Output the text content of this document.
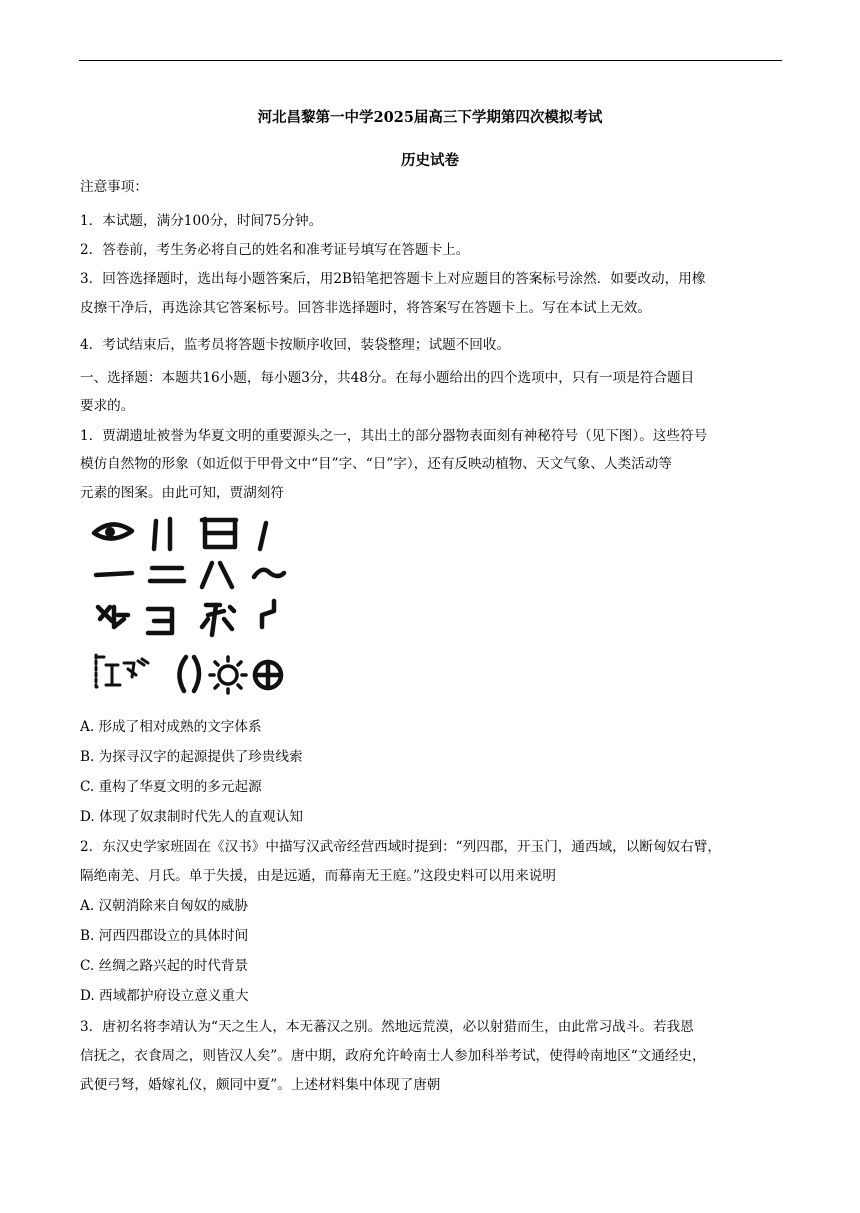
河北昌黎第一中学2025届高三下学期第四次模拟考试
历史试卷
注意事项：
1．本试题，满分100分，时间75分钟。
2．答卷前，考生务必将自己的姓名和准考证号填写在答题卡上。
3．回答选择题时，选出每小题答案后，用2B铅笔把答题卡上对应题目的答案标号涂然．如要改动，用橡
皮擦干净后，再选涂其它答案标号。回答非选择题时，将答案写在答题卡上。写在本试上无效。
4．考试结束后，监考员将答题卡按顺序收回，装袋整理；试题不回收。
一、选择题：本题共16小题，每小题3分，共48分。在每小题给出的四个选项中，只有一项是符合题目
要求的。
1．贾湖遗址被誉为华夏文明的重要源头之一，其出土的部分器物表面刻有神秘符号（见下图）。这些符号
模仿自然物的形象（如近似于甲骨文中“目”字、“日”字），还有反映动植物、天文气象、人类活动等
元素的图案。由此可知，贾湖刻符
A. 形成了相对成熟的文字体系
B. 为探寻汉字的起源提供了珍贵线索
C. 重构了华夏文明的多元起源
D. 体现了奴隶制时代先人的直观认知
2．东汉史学家班固在《汉书》中描写汉武帝经营西域时提到：“列四郡，开玉门，通西域，以断匈奴右臂，
隔绝南羌、月氏。单于失援，由是远遁，而幕南无王庭。”这段史料可以用来说明
A. 汉朝消除来自匈奴的威胁
B. 河西四郡设立的具体时间
C. 丝绸之路兴起的时代背景
D. 西域都护府设立意义重大
3．唐初名将李靖认为“天之生人，本无蕃汉之别。然地远荒漠，必以射猎而生，由此常习战斗。若我恩
信抚之，衣食周之，则皆汉人矣”。唐中期，政府允许岭南士人参加科举考试，使得岭南地区“文通经史，
武便弓弩，婚嫁礼仪，颇同中夏”。上述材料集中体现了唐朝
